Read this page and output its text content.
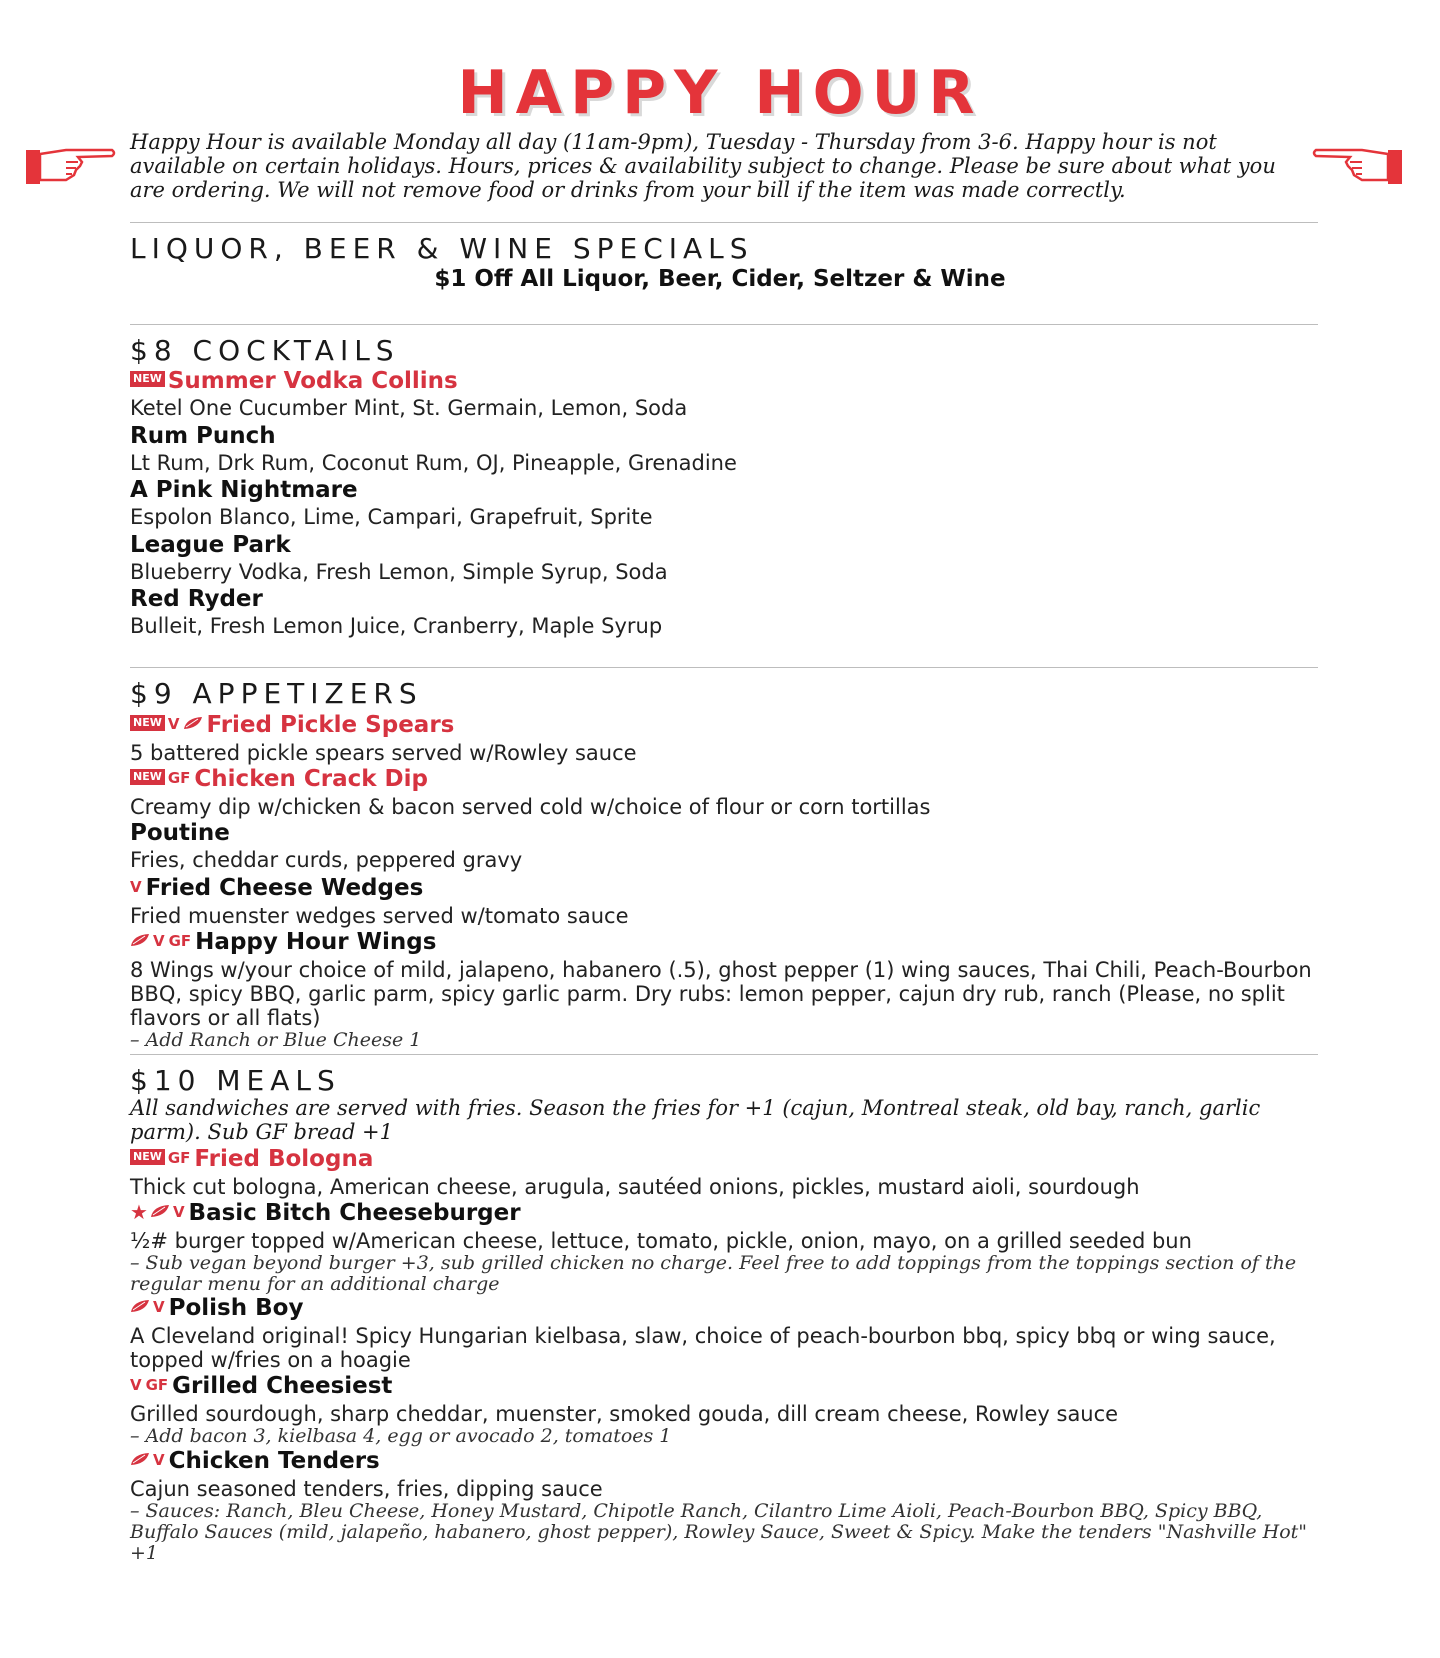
HAPPY HOUR
Happy Hour is available Monday all day (11am-9pm), Tuesday - Thursday from 3-6. Happy hour is not available on certain holidays. Hours, prices & availability subject to change. Please be sure about what you are ordering. We will not remove food or drinks from your bill if the item was made correctly.
LIQUOR, BEER & WINE SPECIALS
$1 Off All Liquor, Beer, Cider, Seltzer & Wine
$8 COCKTAILS
NEW Summer Vodka Collins
Ketel One Cucumber Mint, St. Germain, Lemon, Soda
Rum Punch
Lt Rum, Drk Rum, Coconut Rum, OJ, Pineapple, Grenadine
A Pink Nightmare
Espolon Blanco, Lime, Campari, Grapefruit, Sprite
League Park
Blueberry Vodka, Fresh Lemon, Simple Syrup, Soda
Red Ryder
Bulleit, Fresh Lemon Juice, Cranberry, Maple Syrup
$9 APPETIZERS
NEW V Fried Pickle Spears
5 battered pickle spears served w/Rowley sauce
NEW GF Chicken Crack Dip
Creamy dip w/chicken & bacon served cold w/choice of flour or corn tortillas
Poutine
Fries, cheddar curds, peppered gravy
V Fried Cheese Wedges
Fried muenster wedges served w/tomato sauce
V GF Happy Hour Wings
8 Wings w/your choice of mild, jalapeno, habanero (.5), ghost pepper (1) wing sauces, Thai Chili, Peach-Bourbon BBQ, spicy BBQ, garlic parm, spicy garlic parm. Dry rubs: lemon pepper, cajun dry rub, ranch (Please, no split flavors or all flats)
– Add Ranch or Blue Cheese 1
$10 MEALS
All sandwiches are served with fries. Season the fries for +1 (cajun, Montreal steak, old bay, ranch, garlic parm). Sub GF bread +1
NEW GF Fried Bologna
Thick cut bologna, American cheese, arugula, sautéed onions, pickles, mustard aioli, sourdough
★ V Basic Bitch Cheeseburger
½# burger topped w/American cheese, lettuce, tomato, pickle, onion, mayo, on a grilled seeded bun
– Sub vegan beyond burger +3, sub grilled chicken no charge. Feel free to add toppings from the toppings section of the regular menu for an additional charge
V Polish Boy
A Cleveland original! Spicy Hungarian kielbasa, slaw, choice of peach-bourbon bbq, spicy bbq or wing sauce, topped w/fries on a hoagie
V GF Grilled Cheesiest
Grilled sourdough, sharp cheddar, muenster, smoked gouda, dill cream cheese, Rowley sauce
– Add bacon 3, kielbasa 4, egg or avocado 2, tomatoes 1
V Chicken Tenders
Cajun seasoned tenders, fries, dipping sauce
– Sauces: Ranch, Bleu Cheese, Honey Mustard, Chipotle Ranch, Cilantro Lime Aioli, Peach-Bourbon BBQ, Spicy BBQ, Buffalo Sauces (mild, jalapeño, habanero, ghost pepper), Rowley Sauce, Sweet & Spicy. Make the tenders "Nashville Hot" +1
